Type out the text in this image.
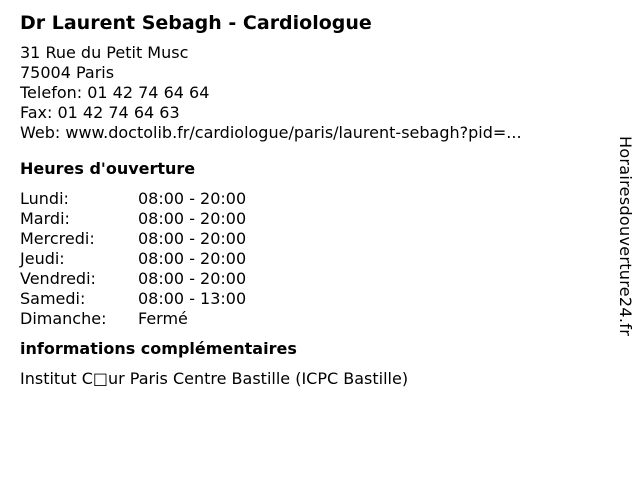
Dr Laurent Sebagh - Cardiologue
31 Rue du Petit Musc
75004 Paris
Telefon: 01 42 74 64 64
Fax: 01 42 74 64 63
Web: www.doctolib.fr/cardiologue/paris/laurent-sebagh?pid=...
Heures d'ouverture
Lundi:	08:00 - 20:00
Mardi:	08:00 - 20:00
Mercredi:	08:00 - 20:00
Jeudi:	08:00 - 20:00
Vendredi:	08:00 - 20:00
Samedi:	08:00 - 13:00
Dimanche:	Fermé
informations complémentaires
Institut C□ur Paris Centre Bastille (ICPC Bastille)
Horairesdouverture24.fr
